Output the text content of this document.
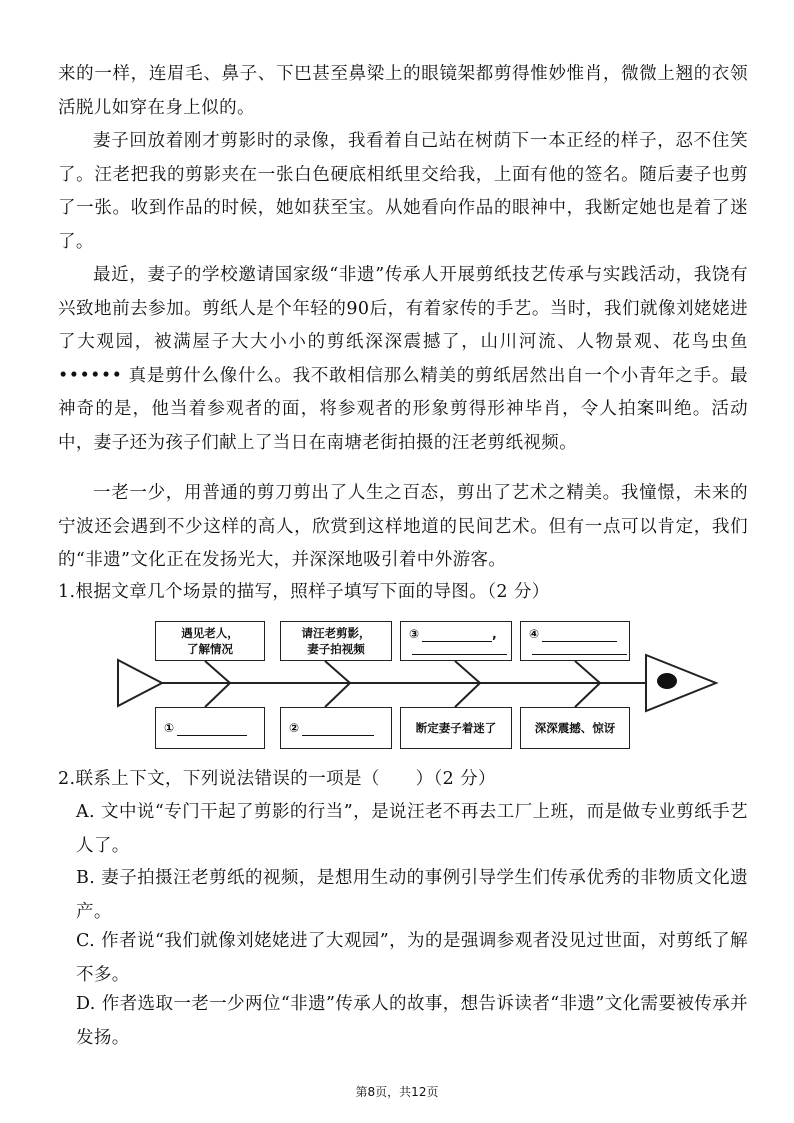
来的一样，连眉毛、鼻子、下巴甚至鼻梁上的眼镜架都剪得惟妙惟肖，微微上翘的衣领活脱儿如穿在身上似的。

妻子回放着刚才剪影时的录像，我看着自己站在树荫下一本正经的样子，忍不住笑了。汪老把我的剪影夹在一张白色硬底相纸里交给我，上面有他的签名。随后妻子也剪了一张。收到作品的时候，她如获至宝。从她看向作品的眼神中，我断定她也是着了迷了。

最近，妻子的学校邀请国家级“非遗”传承人开展剪纸技艺传承与实践活动，我饶有兴致地前去参加。剪纸人是个年轻的90后，有着家传的手艺。当时，我们就像刘姥姥进了大观园，被满屋子大大小小的剪纸深深震撼了，山川河流、人物景观、花鸟虫鱼 •••••• 真是剪什么像什么。我不敢相信那么精美的剪纸居然出自一个小青年之手。最神奇的是，他当着参观者的面，将参观者的形象剪得形神毕肖，令人拍案叫绝。活动中，妻子还为孩子们献上了当日在南塘老街拍摄的汪老剪纸视频。

一老一少，用普通的剪刀剪出了人生之百态，剪出了艺术之精美。我憧憬，未来的宁波还会遇到不少这样的高人，欣赏到这样地道的民间艺术。但有一点可以肯定，我们的“非遗”文化正在发扬光大，并深深地吸引着中外游客。

1.根据文章几个场景的描写，照样子填写下面的导图。（2 分）

遇见老人，
了解情况
请汪老剪影，
妻子拍视频
③	,	④
①	②	断定妻子着迷了	深深震撼、惊讶

2.联系上下文，下列说法错误的一项是（　　）（2 分）

A. 文中说“专门干起了剪影的行当”，是说汪老不再去工厂上班，而是做专业剪纸手艺人了。

B. 妻子拍摄汪老剪纸的视频，是想用生动的事例引导学生们传承优秀的非物质文化遗产。

C. 作者说“我们就像刘姥姥进了大观园”，为的是强调参观者没见过世面，对剪纸了解不多。

D. 作者选取一老一少两位“非遗”传承人的故事，想告诉读者“非遗”文化需要被传承并发扬。

第8页，共12页
